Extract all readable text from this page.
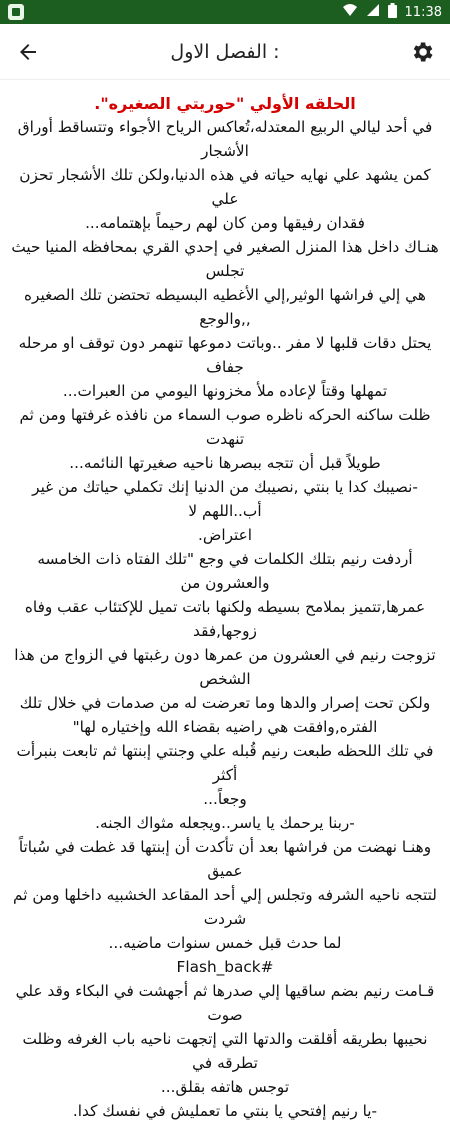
11:38
الفصل الاول :
الحلقه الأولي "حوريتي الصغيره".

في أحد ليالي الربيع المعتدله،تُعاكس الرياح الأجواء وتتساقط أوراق الأشجار

كمن يشهد علي نهايه حياته في هذه الدنيا،ولكن تلك الأشجار تحزن علي

فقدان رفيقها ومن كان لهم رحيماً بإهتمامه...

هنـاك داخل هذا المنزل الصغير في إحدي القري بمحافظه المنيا حيث تجلس

هي إلي فراشها الوثير,إلي الأغطيه البسيطه تحتضن تلك الصغيره ,,والوجع

يحتل دقات قلبها لا مفر ..وباتت دموعها تنهمر دون توقف او مرحله جفاف

تمهلها وقتاً لإعاده ملأ مخزونها اليومي من العبرات...

ظلت ساكنه الحركه ناظره صوب السماء من نافذه غرفتها ومن ثم تنهدت

طويلاً قبل أن تتجه ببصرها ناحيه صغيرتها النائمه...

-نصيبك كدا يا بنتي ,نصيبك من الدنيا إنك تكملي حياتك من غير أب..اللهم لا

اعتراض.

أردفت رنيم بتلك الكلمات في وجع "تلك الفتاه ذات الخامسه والعشرون من

عمرها,تتميز بملامح بسيطه ولكنها باتت تميل للإكتئاب عقب وفاه زوجها,فقد

تزوجت رنيم في العشرون من عمرها دون رغبتها في الزواج من هذا الشخص

ولكن تحت إصرار والدها وما تعرضت له من صدمات في خلال تلك

الفتره,وافقت هي راضيه بقضاء الله وإختياره لها"

في تلك اللحظه طبعت رنيم قُبله علي وجنتي إبنتها ثم تابعت بنبرأت أكثر

وجعاً...

-ربنا يرحمك يا ياسر..ويجعله مثواك الجنه.

وهنـا نهضت من فراشها بعد أن تأكدت أن إبنتها قد غطت في سُباتاً عميق

لتتجه ناحيه الشرفه وتجلس إلي أحد المقاعد الخشبيه داخلها ومن ثم شردت

لما حدث قبل خمس سنوات ماضيه...

Flash_back#

قـامت رنيم بضم ساقيها إلي صدرها ثم أجهشت في البكاء وقد علي صوت

نحيبها بطريقه أقلقت والدتها التي إتجهت ناحيه باب الغرفه وظلت تطرقه في

توجس هاتفه بقلق...

-يا رنيم إفتحي يا بنتي ما تعمليش في نفسك كدا.
